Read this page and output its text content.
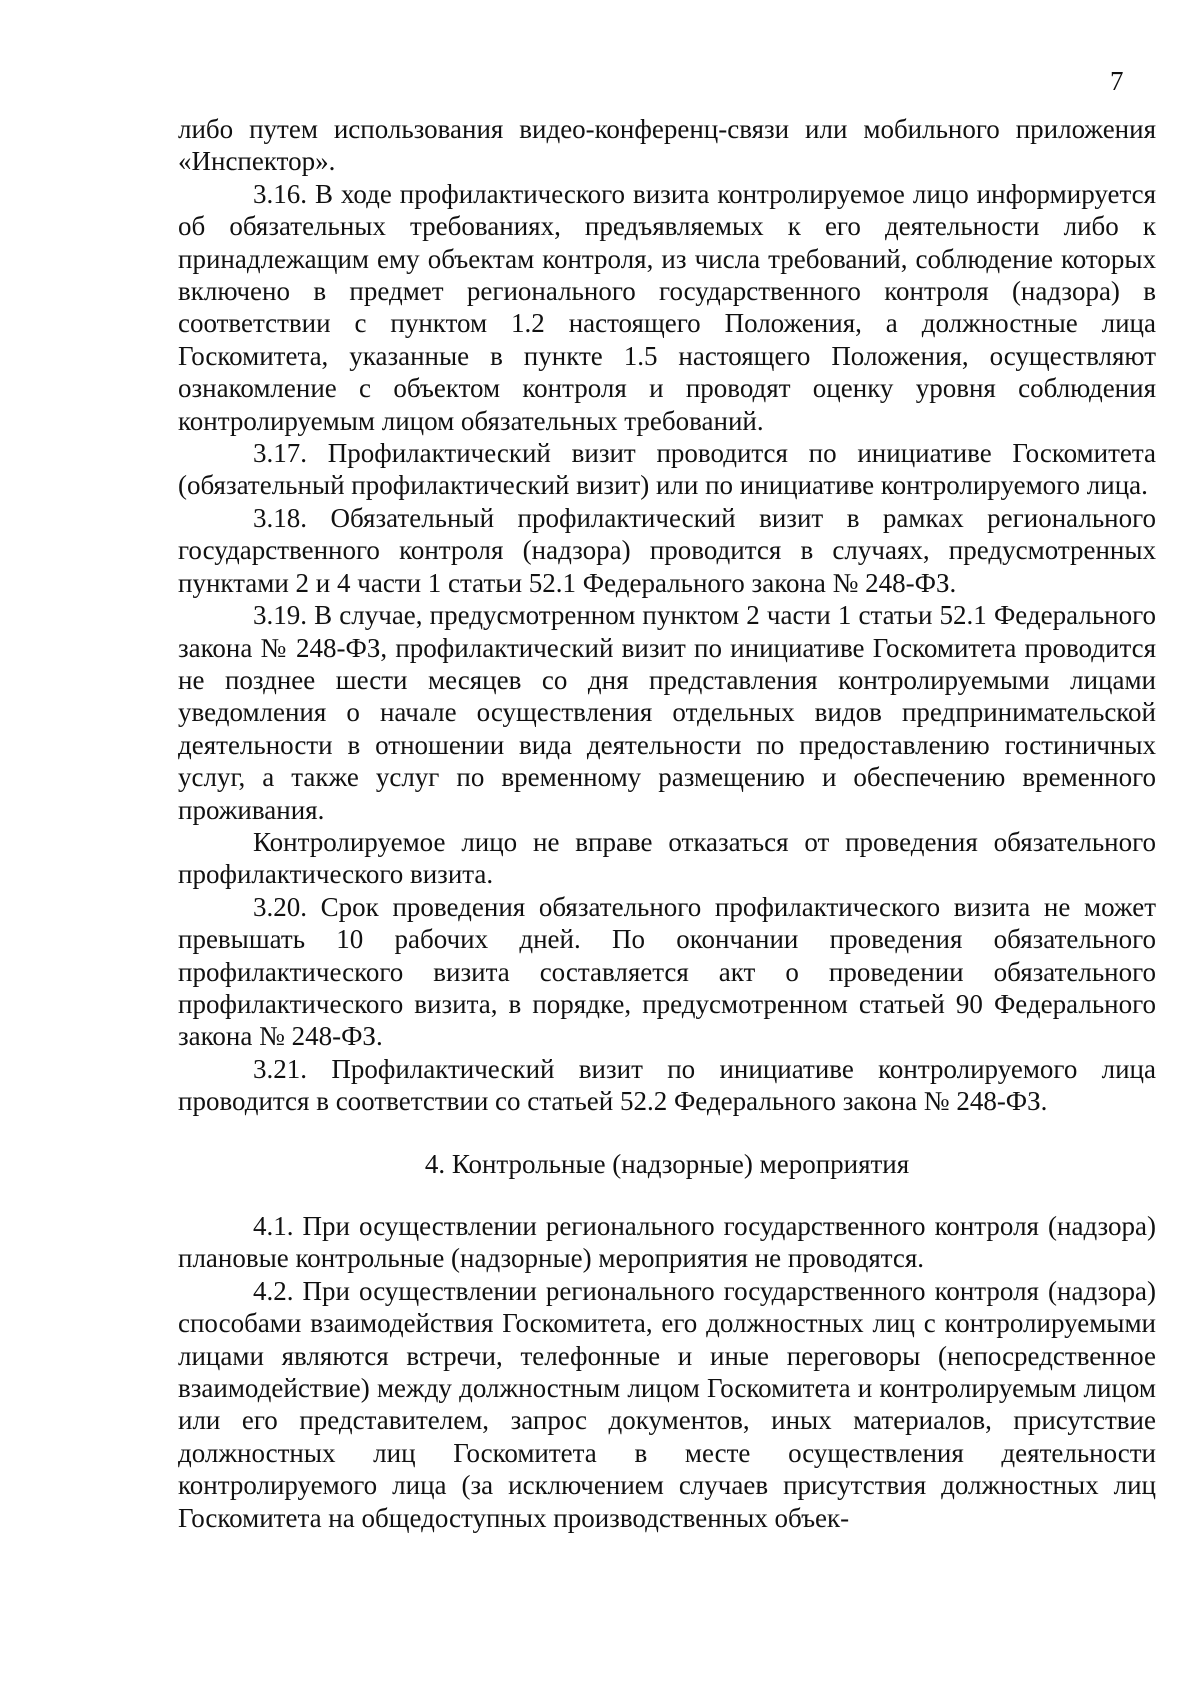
7

либо путем использования видео-конференц-связи или мобильного приложения «Инспектор».

3.16. В ходе профилактического визита контролируемое лицо информируется об обязательных требованиях, предъявляемых к его деятельности либо к принадлежащим ему объектам контроля, из числа требований, соблюдение которых включено в предмет регионального государственного контроля (надзора) в соответствии с пунктом 1.2 настоящего Положения, а должностные лица Госкомитета, указанные в пункте 1.5 настоящего Положения, осуществляют ознакомление с объектом контроля и проводят оценку уровня соблюдения контролируемым лицом обязательных требований.

3.17. Профилактический визит проводится по инициативе Госкомитета (обязательный профилактический визит) или по инициативе контролируемого лица.

3.18. Обязательный профилактический визит в рамках регионального государственного контроля (надзора) проводится в случаях, предусмотренных пунктами 2 и 4 части 1 статьи 52.1 Федерального закона № 248-ФЗ.

3.19. В случае, предусмотренном пунктом 2 части 1 статьи 52.1 Федерального закона № 248-ФЗ, профилактический визит по инициативе Госкомитета проводится не позднее шести месяцев со дня представления контролируемыми лицами уведомления о начале осуществления отдельных видов предпринимательской деятельности в отношении вида деятельности по предоставлению гостиничных услуг, а также услуг по временному размещению и обеспечению временного проживания.

Контролируемое лицо не вправе отказаться от проведения обязательного профилактического визита.

3.20. Срок проведения обязательного профилактического визита не может превышать 10 рабочих дней. По окончании проведения обязательного профилактического визита составляется акт о проведении обязательного профилактического визита, в порядке, предусмотренном статьей 90 Федерального закона № 248-ФЗ.

3.21. Профилактический визит по инициативе контролируемого лица проводится в соответствии со статьей 52.2 Федерального закона № 248-ФЗ.

4. Контрольные (надзорные) мероприятия

4.1. При осуществлении регионального государственного контроля (надзора) плановые контрольные (надзорные) мероприятия не проводятся.

4.2. При осуществлении регионального государственного контроля (надзора) способами взаимодействия Госкомитета, его должностных лиц с контролируемыми лицами являются встречи, телефонные и иные переговоры (непосредственное взаимодействие) между должностным лицом Госкомитета и контролируемым лицом или его представителем, запрос документов, иных материалов, присутствие должностных лиц Госкомитета в месте осуществления деятельности контролируемого лица (за исключением случаев присутствия должностных лиц Госкомитета на общедоступных производственных объек-
